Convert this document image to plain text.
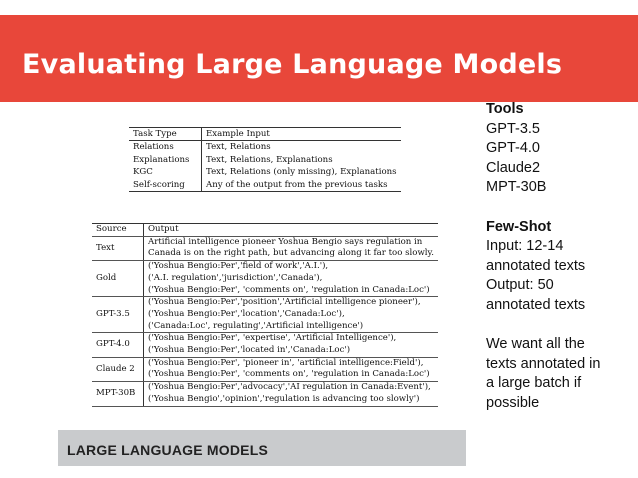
Evaluating Large Language Models
Tools
GPT-3.5
GPT-4.0
Claude2
MPT-30B
Few-Shot
Input: 12-14
annotated texts
Output: 50
annotated texts
We want all the
texts annotated in
a large batch if
possible
Task Type	Example Input
Relations	Text, Relations
Explanations	Text, Relations, Explanations
KGC	Text, Relations (only missing), Explanations
Self-scoring	Any of the output from the previous tasks
Source	Output
Text	Artificial intelligence pioneer Yoshua Bengio says regulation in
Canada is on the right path, but advancing along it far too slowly.

Gold	('Yoshua Bengio:Per','field of work','A.I.'),
('A.I. regulation','jurisdiction','Canada'),
('Yoshua Bengio:Per', 'comments on', 'regulation in Canada:Loc')

GPT-3.5	('Yoshua Bengio:Per','position','Artificial intelligence pioneer'),
('Yoshua Bengio:Per','location','Canada:Loc'),
('Canada:Loc', regulating','Artificial intelligence')

GPT-4.0	('Yoshua Bengio:Per', 'expertise', 'Artificial Intelligence'),
('Yoshua Bengio:Per','located in','Canada:Loc')

Claude 2	('Yoshua Bengio:Per', 'pioneer in', 'artificial intelligence:Field'),
('Yoshua Bengio:Per', 'comments on', 'regulation in Canada:Loc')

MPT-30B	('Yoshua Bengio:Per','advocacy','AI regulation in Canada:Event'),
('Yoshua Bengio','opinion','regulation is advancing too slowly')
LARGE LANGUAGE MODELS
